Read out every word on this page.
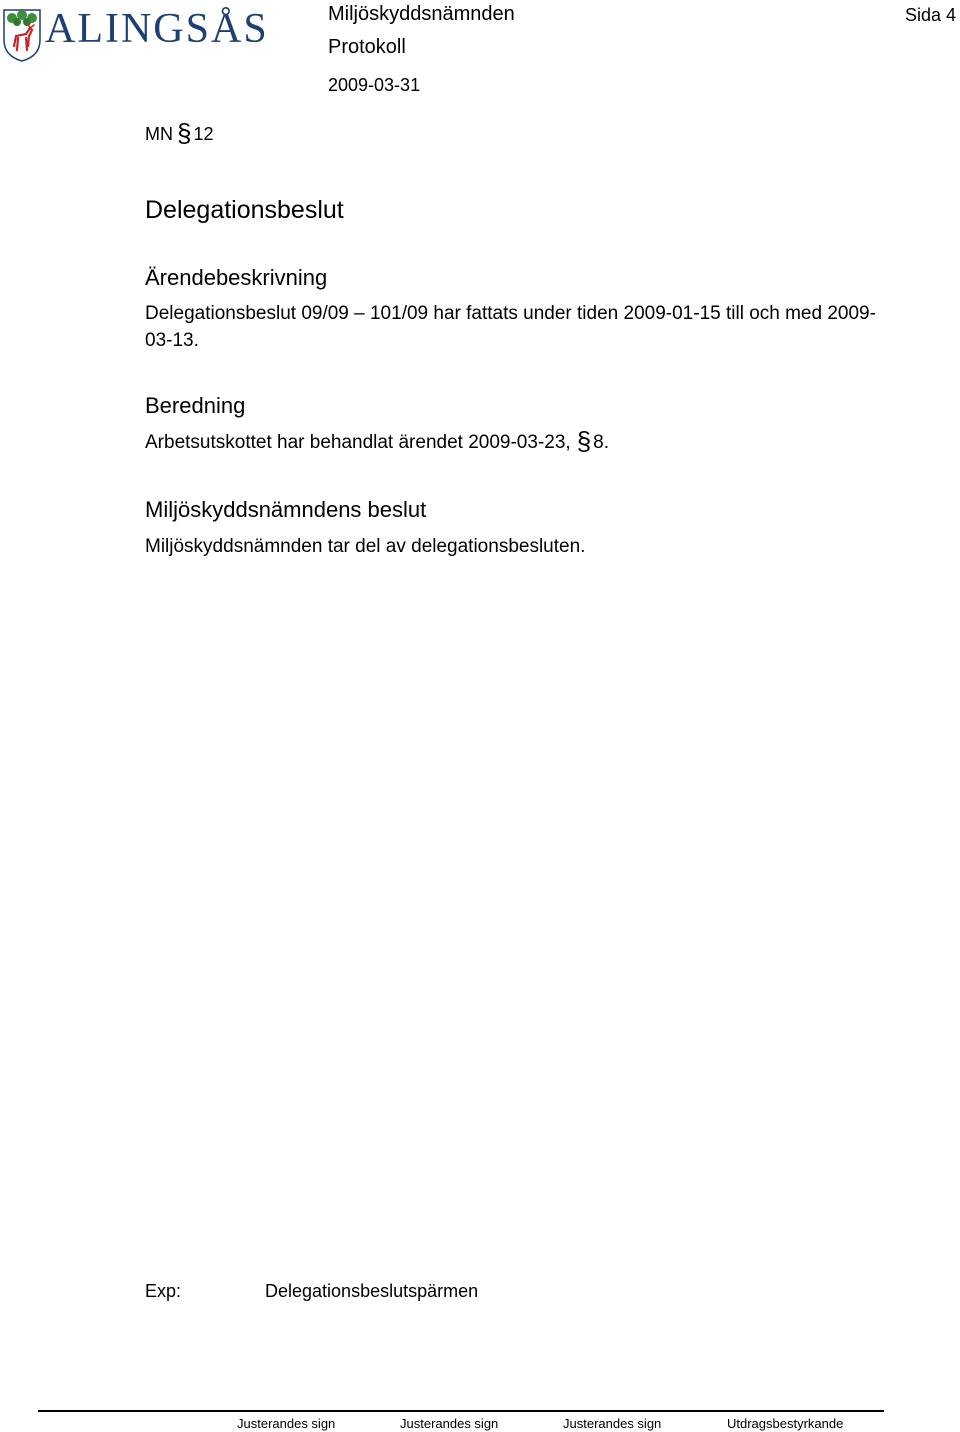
ALINGSÅS	Miljöskyddsnämnden
Protokoll
2009-03-31
Sida 4
MN § 12
Delegationsbeslut
Ärendebeskrivning
Delegationsbeslut 09/09 – 101/09 har fattats under tiden 2009-01-15 till och med 2009-03-13.
Beredning
Arbetsutskottet har behandlat ärendet 2009-03-23, § 8.
Miljöskyddsnämndens beslut
Miljöskyddsnämnden tar del av delegationsbesluten.
Exp:	Delegationsbeslutspärmen
Justerandes sign	Justerandes sign	Justerandes sign	Utdragsbestyrkande
